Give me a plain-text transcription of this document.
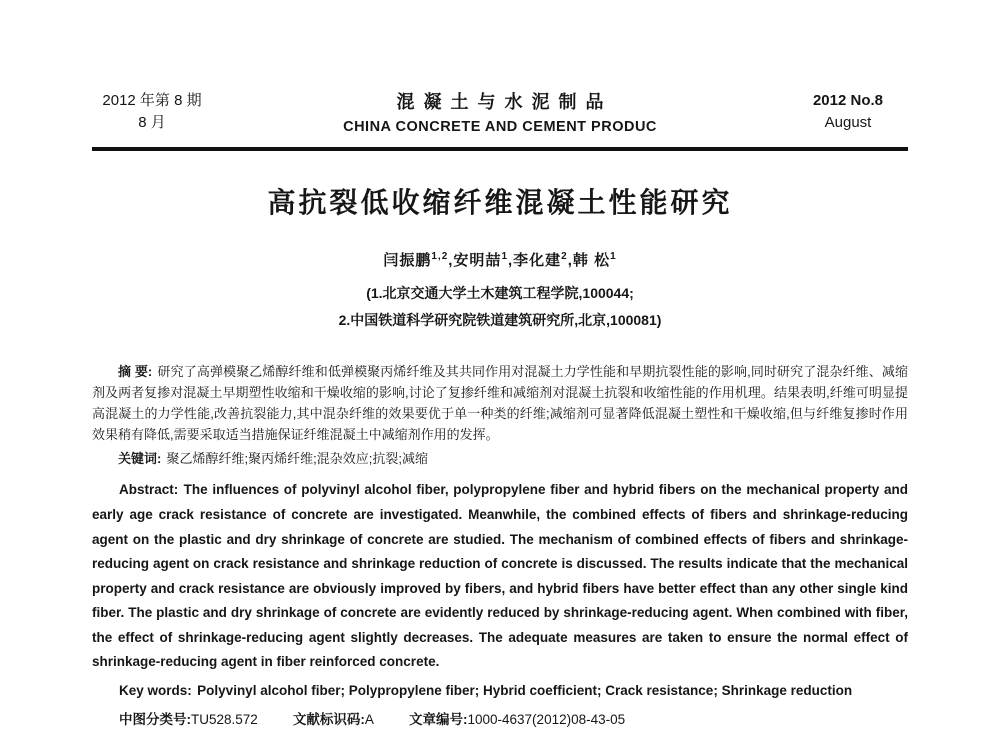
2012 年第 8 期
8 月
混凝土与水泥制品
CHINA CONCRETE AND CEMENT PRODUC
2012 No.8
August
高抗裂低收缩纤维混凝土性能研究
闫振鹏$^{1,2}$,安明喆$^1$,李化建$^2$,韩 松$^1$
(1.北京交通大学土木建筑工程学院,100044;
2.中国铁道科学研究院铁道建筑研究所,北京,100081)

摘 要: 研究了高弹模聚乙烯醇纤维和低弹模聚丙烯纤维及其共同作用对混凝土力学性能和早期抗裂性能的影响,同时研究了混杂纤维、减缩剂及两者复掺对混凝土早期塑性收缩和干燥收缩的影响,讨论了复掺纤维和减缩剂对混凝土抗裂和收缩性能的作用机理。结果表明,纤维可明显提高混凝土的力学性能,改善抗裂能力,其中混杂纤维的效果要优于单一种类的纤维;减缩剂可显著降低混凝土塑性和干燥收缩,但与纤维复掺时作用效果稍有降低,需要采取适当措施保证纤维混凝土中减缩剂作用的发挥。

关键词: 聚乙烯醇纤维;聚丙烯纤维;混杂效应;抗裂;减缩

Abstract: The influences of polyvinyl alcohol fiber, polypropylene fiber and hybrid fibers on the mechanical property and early age crack resistance of concrete are investigated. Meanwhile, the combined effects of fibers and shrinkage-reducing agent on the plastic and dry shrinkage of concrete are studied. The mechanism of combined effects of fibers and shrinkage-reducing agent on crack resistance and shrinkage reduction of concrete is discussed. The results indicate that the mechanical property and crack resistance are obviously improved by fibers, and hybrid fibers have better effect than any other single kind fiber. The plastic and dry shrinkage of concrete are evidently reduced by shrinkage-reducing agent. When combined with fiber, the effect of shrinkage-reducing agent slightly decreases. The adequate measures are taken to ensure the normal effect of shrinkage-reducing agent in fiber reinforced concrete.

Key words: Polyvinyl alcohol fiber; Polypropylene fiber; Hybrid coefficient; Crack resistance; Shrinkage reduction

中图分类号:TU528.572	文献标识码:A	文章编号:1000-4637(2012)08-43-05
